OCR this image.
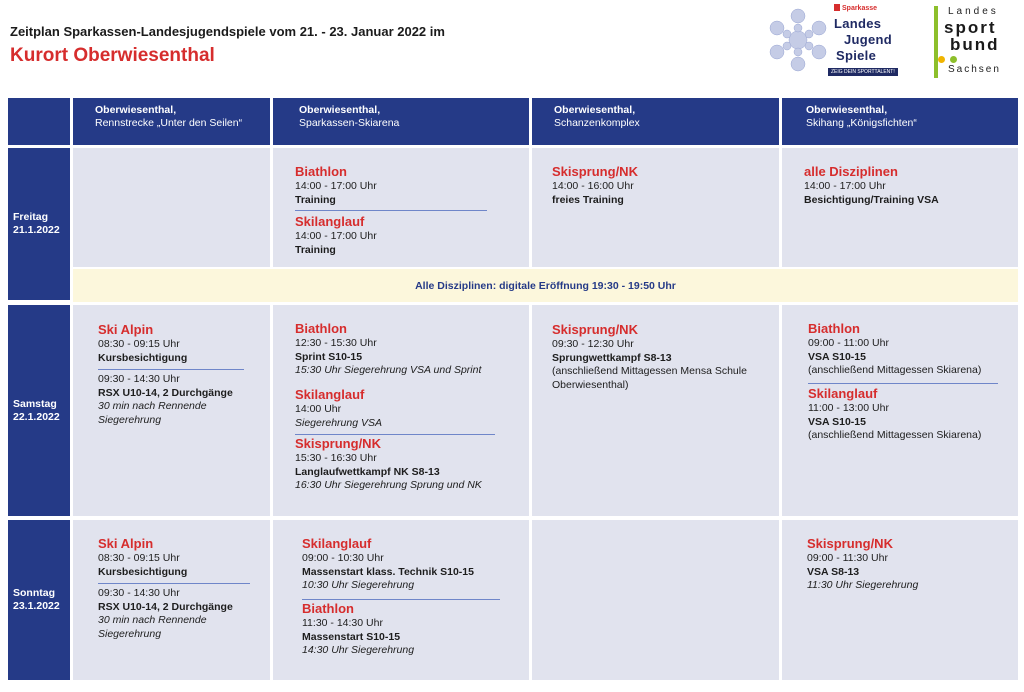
Zeitplan Sparkassen-Landesjugendspiele vom 21. - 23. Januar 2022 im
Kurort Oberwiesenthal
Sparkasse
Landes
Jugend
Spiele
ZEIG DEIN SPORTTALENT!
Landes
sport
bund
Sachsen
Oberwiesenthal,
Rennstrecke „Unter den Seilen“
Oberwiesenthal,
Sparkassen-Skiarena
Oberwiesenthal,
Schanzenkomplex
Oberwiesenthal,
Skihang „Königsfichten“
Freitag
21.1.2022
Biathlon
14:00 - 17:00 Uhr
Training
Skilanglauf
14:00 - 17:00 Uhr
Training
Skisprung/NK
14:00 - 16:00 Uhr
freies Training
alle Disziplinen
14:00 - 17:00 Uhr
Besichtigung/Training VSA
Alle Disziplinen: digitale Eröffnung 19:30 - 19:50 Uhr
Samstag
22.1.2022
Ski Alpin
08:30 - 09:15 Uhr
Kursbesichtigung
09:30 - 14:30 Uhr
RSX U10-14, 2 Durchgänge
30 min nach Rennende
Siegerehrung
Biathlon
12:30 - 15:30 Uhr
Sprint S10-15
15:30 Uhr Siegerehrung VSA und Sprint
Skilanglauf
14:00 Uhr
Siegerehrung VSA
Skisprung/NK
15:30 - 16:30 Uhr
Langlaufwettkampf NK S8-13
16:30 Uhr Siegerehrung Sprung und NK
Skisprung/NK
09:30 - 12:30 Uhr
Sprungwettkampf S8-13
(anschließend Mittagessen Mensa Schule
Oberwiesenthal)
Biathlon
09:00 - 11:00 Uhr
VSA S10-15
(anschließend Mittagessen Skiarena)
Skilanglauf
11:00 - 13:00 Uhr
VSA S10-15
(anschließend Mittagessen Skiarena)
Sonntag
23.1.2022
Ski Alpin
08:30 - 09:15 Uhr
Kursbesichtigung
09:30 - 14:30 Uhr
RSX U10-14, 2 Durchgänge
30 min nach Rennende
Siegerehrung
Skilanglauf
09:00 - 10:30 Uhr
Massenstart klass. Technik S10-15
10:30 Uhr Siegerehrung
Biathlon
11:30 - 14:30 Uhr
Massenstart S10-15
14:30 Uhr Siegerehrung
Skisprung/NK
09:00 - 11:30 Uhr
VSA S8-13
11:30 Uhr Siegerehrung
